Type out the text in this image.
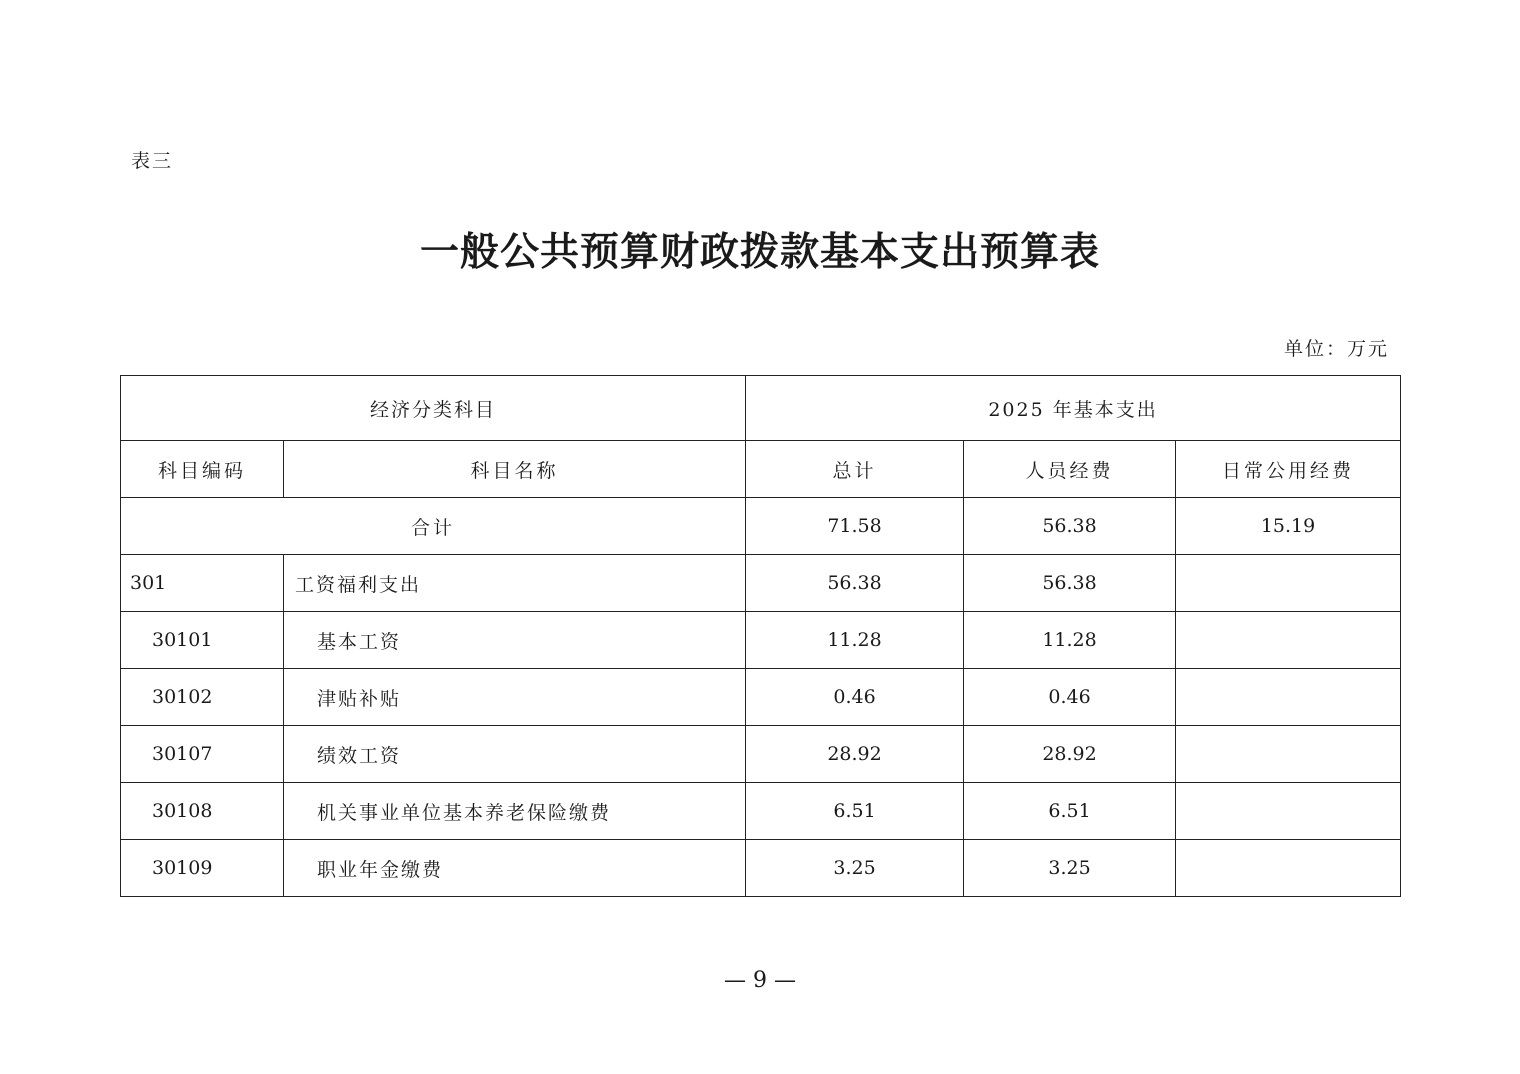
表三
一般公共预算财政拨款基本支出预算表
单位：万元
经济分类科目		2025 年基本支出		
科目编码	科目名称	总计	人员经费	日常公用经费
合计		71.58	56.38	15.19
301	工资福利支出	56.38	56.38	
30101	基本工资	11.28	11.28	
30102	津贴补贴	0.46	0.46	
30107	绩效工资	28.92	28.92	
30108	机关事业单位基本养老保险缴费	6.51	6.51	
30109	职业年金缴费	3.25	3.25	
— 9 —
